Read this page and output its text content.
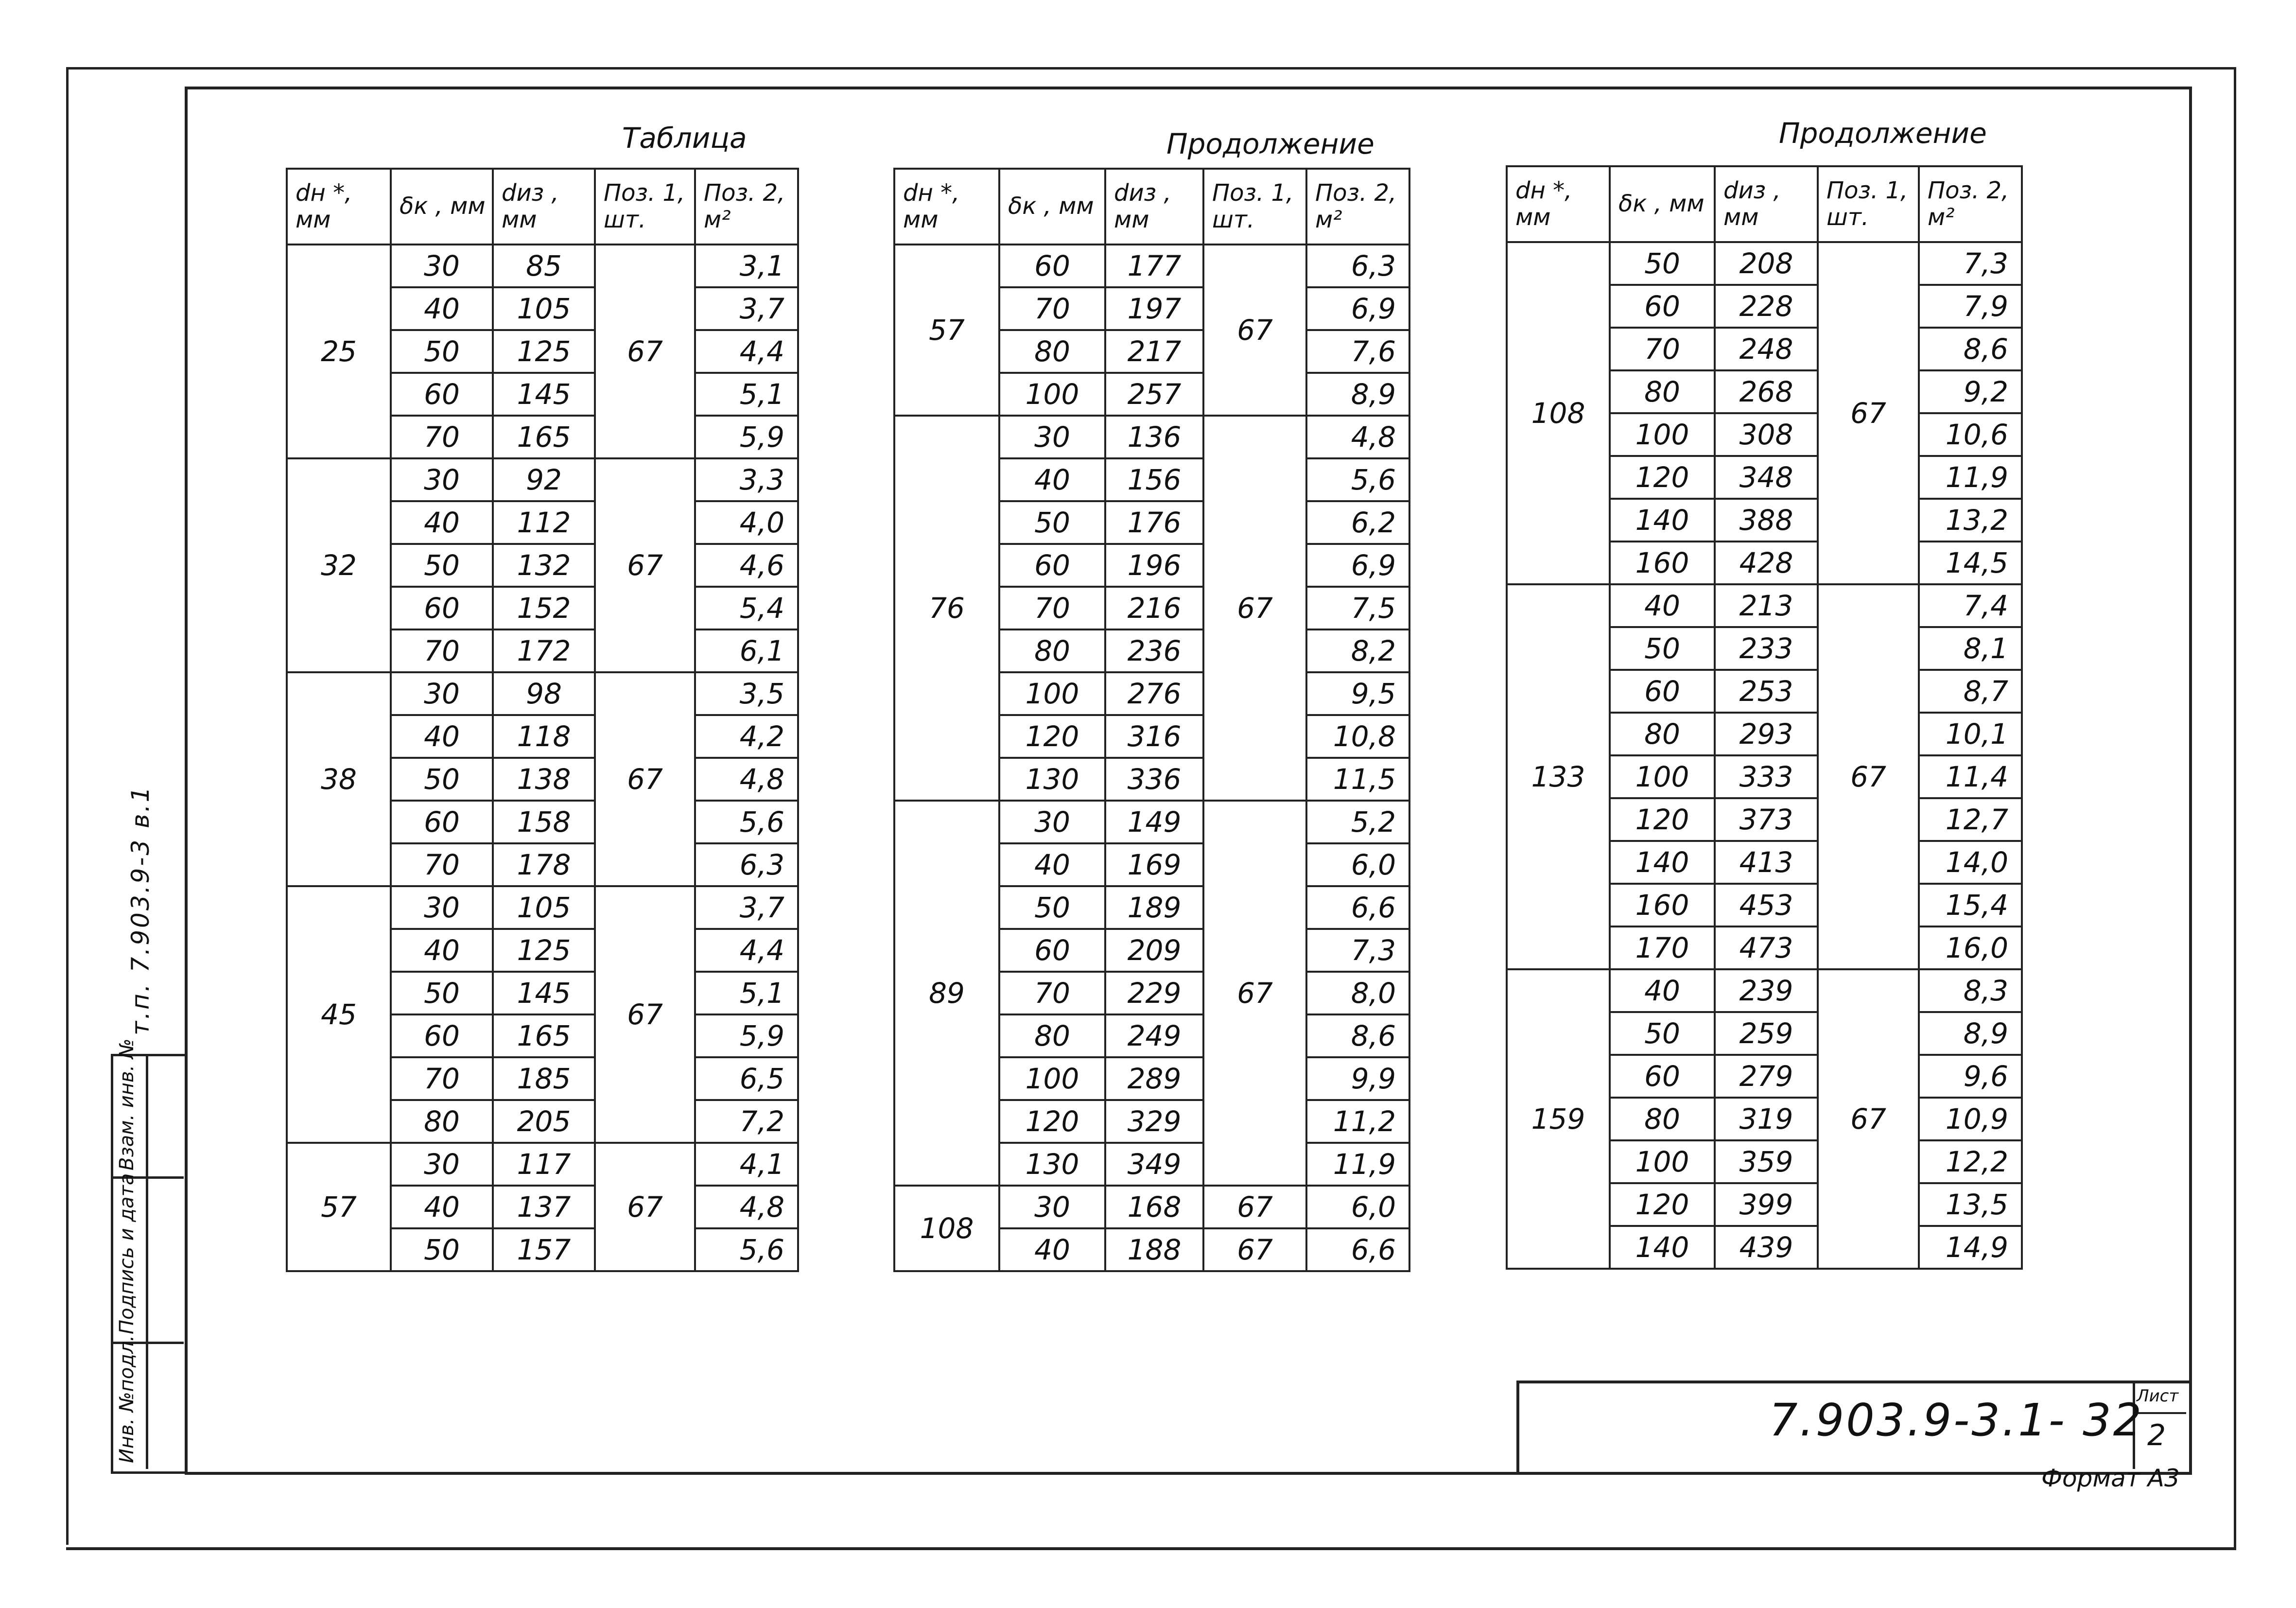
т.п. 7.903.9-3 в.1
Инв. №подл.
Подпись и дата
Взам. инв. №
Таблица	Продолжение	Продолжение
dн *, мм	δк , мм	dиз , мм	Поз. 1, шт.	Поз. 2, м²
25	30	85	67	3,1
	40	105		3,7
	50	125		4,4
	60	145		5,1
	70	165		5,9
32	30	92	67	3,3
	40	112		4,0
	50	132		4,6
	60	152		5,4
	70	172		6,1
38	30	98	67	3,5
	40	118		4,2
	50	138		4,8
	60	158		5,6
	70	178		6,3
45	30	105	67	3,7
	40	125		4,4
	50	145		5,1
	60	165		5,9
	70	185		6,5
	80	205		7,2
57	30	117	67	4,1
	40	137		4,8
	50	157		5,6
dн *, мм	δк , мм	dиз , мм	Поз. 1, шт.	Поз. 2, м²
57	60	177	67	6,3
	70	197		6,9
	80	217		7,6
	100	257		8,9
76	30	136	67	4,8
	40	156		5,6
	50	176		6,2
	60	196		6,9
	70	216		7,5
	80	236		8,2
	100	276		9,5
	120	316		10,8
	130	336		11,5
89	30	149	67	5,2
	40	169		6,0
	50	189		6,6
	60	209		7,3
	70	229		8,0
	80	249		8,6
	100	289		9,9
	120	329		11,2
	130	349		11,9
108	30	168	67	6,0
	40	188	67	6,6
dн *, мм	δк , мм	dиз , мм	Поз. 1, шт.	Поз. 2, м²
108	50	208	67	7,3
	60	228		7,9
	70	248		8,6
	80	268		9,2
	100	308		10,6
	120	348		11,9
	140	388		13,2
	160	428		14,5
133	40	213	67	7,4
	50	233		8,1
	60	253		8,7
	80	293		10,1
	100	333		11,4
	120	373		12,7
	140	413		14,0
	160	453		15,4
	170	473		16,0
159	40	239	67	8,3
	50	259		8,9
	60	279		9,6
	80	319		10,9
	100	359		12,2
	120	399		13,5
	140	439		14,9
7.903.9-3.1- 32
Лист
2
Формат А3
